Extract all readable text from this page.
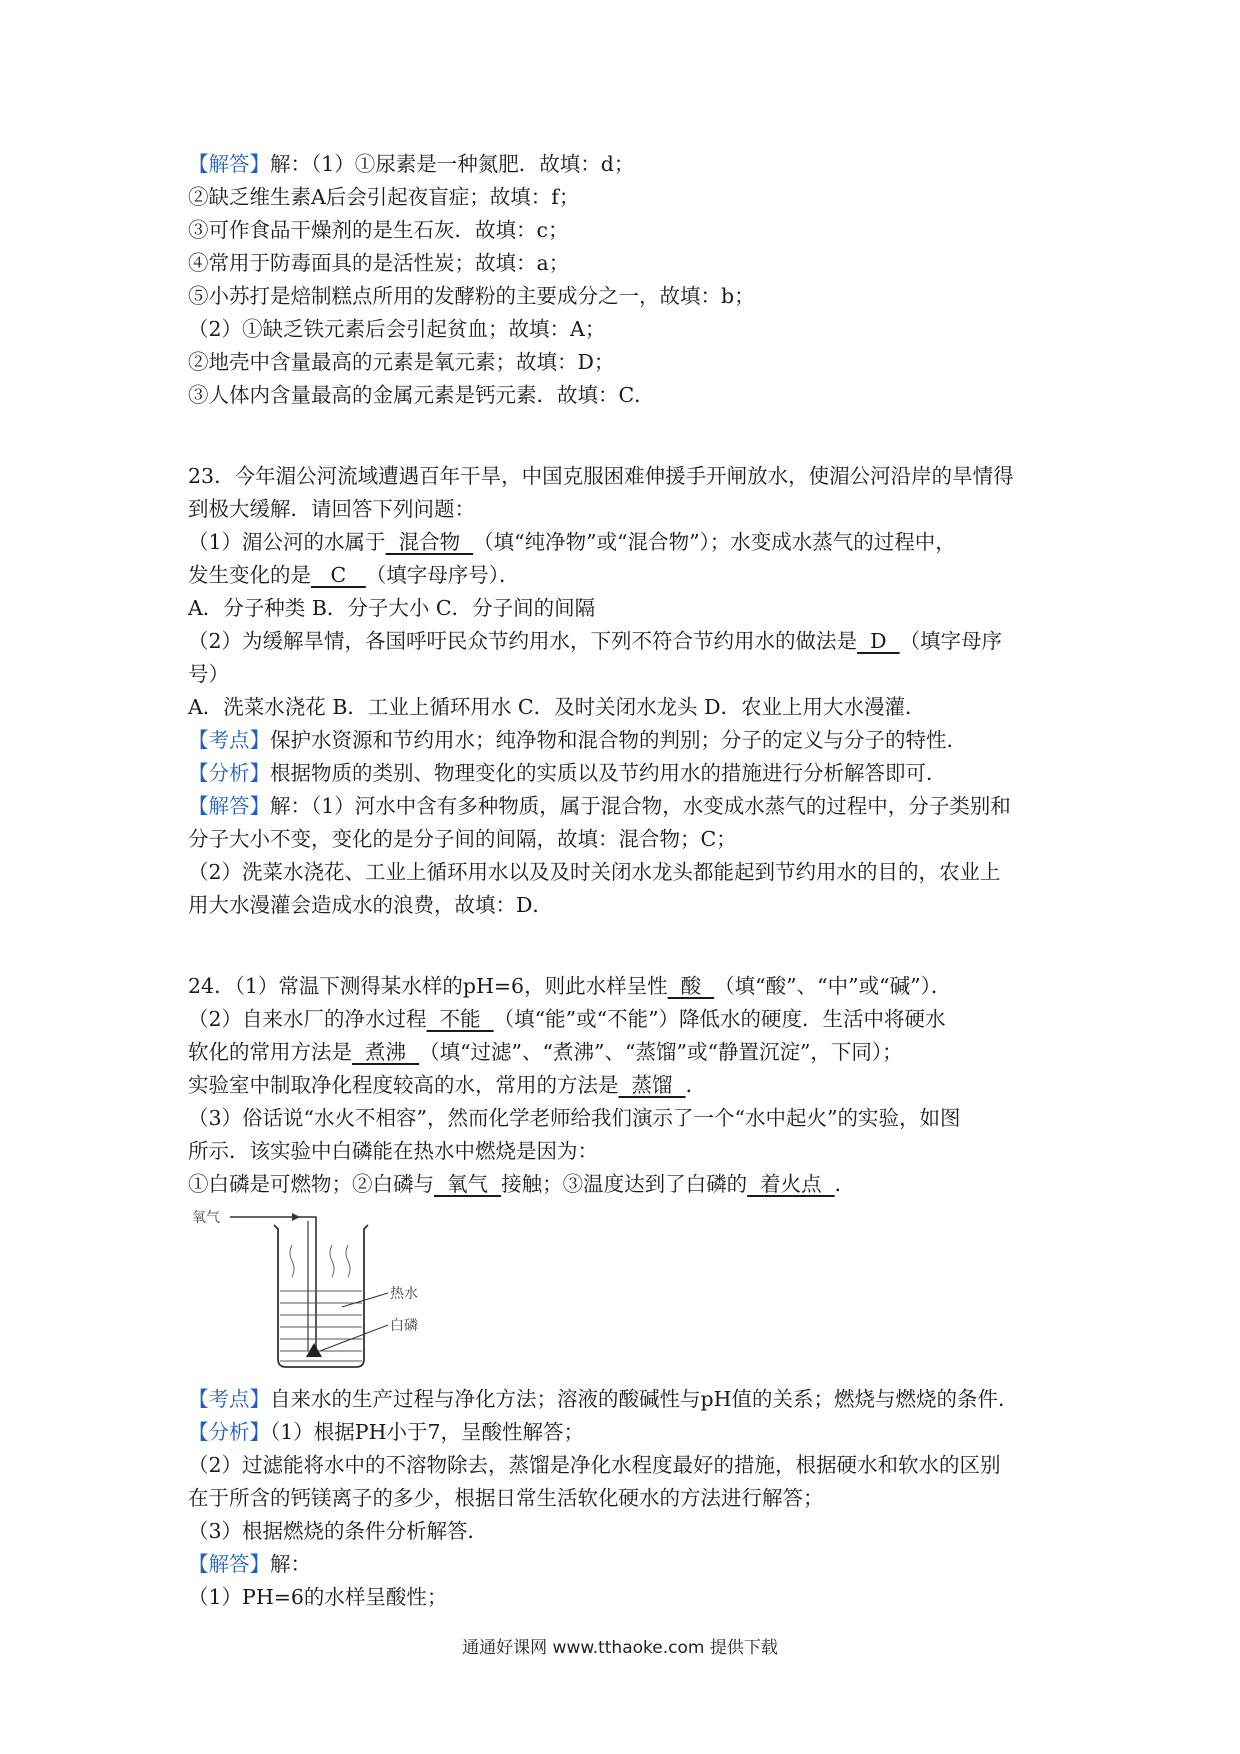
【解答】解：（1）①尿素是一种氮肥．故填：d；
②缺乏维生素A后会引起夜盲症；故填：f；
③可作食品干燥剂的是生石灰．故填：c；
④常用于防毒面具的是活性炭；故填：a；
⑤小苏打是焙制糕点所用的发酵粉的主要成分之一，故填：b；
（2）①缺乏铁元素后会引起贫血；故填：A；
②地壳中含量最高的元素是氧元素；故填：D；
③人体内含量最高的金属元素是钙元素．故填：C．
23．今年湄公河流域遭遇百年干旱，中国克服困难伸援手开闸放水，使湄公河沿岸的旱情得
到极大缓解．请回答下列问题：
（1）湄公河的水属于  混合物  （填“纯净物”或“混合物”）；水变成水蒸气的过程中，
发生变化的是   C   （填字母序号）．
A．分子种类 B．分子大小 C．分子间的间隔
（2）为缓解旱情，各国呼吁民众节约用水，下列不符合节约用水的做法是  D  （填字母序
号）
A．洗菜水浇花 B．工业上循环用水 C．及时关闭水龙头 D．农业上用大水漫灌．
【考点】保护水资源和节约用水；纯净物和混合物的判别；分子的定义与分子的特性．
【分析】根据物质的类别、物理变化的实质以及节约用水的措施进行分析解答即可．
【解答】解：（1）河水中含有多种物质，属于混合物，水变成水蒸气的过程中，分子类别和
分子大小不变，变化的是分子间的间隔，故填：混合物；C；
（2）洗菜水浇花、工业上循环用水以及及时关闭水龙头都能起到节约用水的目的，农业上
用大水漫灌会造成水的浪费，故填：D．
24．（1）常温下测得某水样的pH=6，则此水样呈性  酸  （填“酸”、“中”或“碱”）．
（2）自来水厂的净水过程  不能  （填“能”或“不能”）降低水的硬度．生活中将硬水
软化的常用方法是  煮沸  （填“过滤”、“煮沸”、“蒸馏”或“静置沉淀”，下同）；
实验室中制取净化程度较高的水，常用的方法是  蒸馏  ．
（3）俗话说“水火不相容”，然而化学老师给我们演示了一个“水中起火”的实验，如图
所示．该实验中白磷能在热水中燃烧是因为：
①白磷是可燃物；②白磷与  氧气  接触；③温度达到了白磷的  着火点  ．
氧气
热水
白磷
【考点】自来水的生产过程与净化方法；溶液的酸碱性与pH值的关系；燃烧与燃烧的条件．
【分析】（1）根据PH小于7，呈酸性解答；
（2）过滤能将水中的不溶物除去，蒸馏是净化水程度最好的措施，根据硬水和软水的区别
在于所含的钙镁离子的多少，根据日常生活软化硬水的方法进行解答；
（3）根据燃烧的条件分析解答．
【解答】解：
（1）PH=6的水样呈酸性；
通通好课网 www.tthaoke.com 提供下载
